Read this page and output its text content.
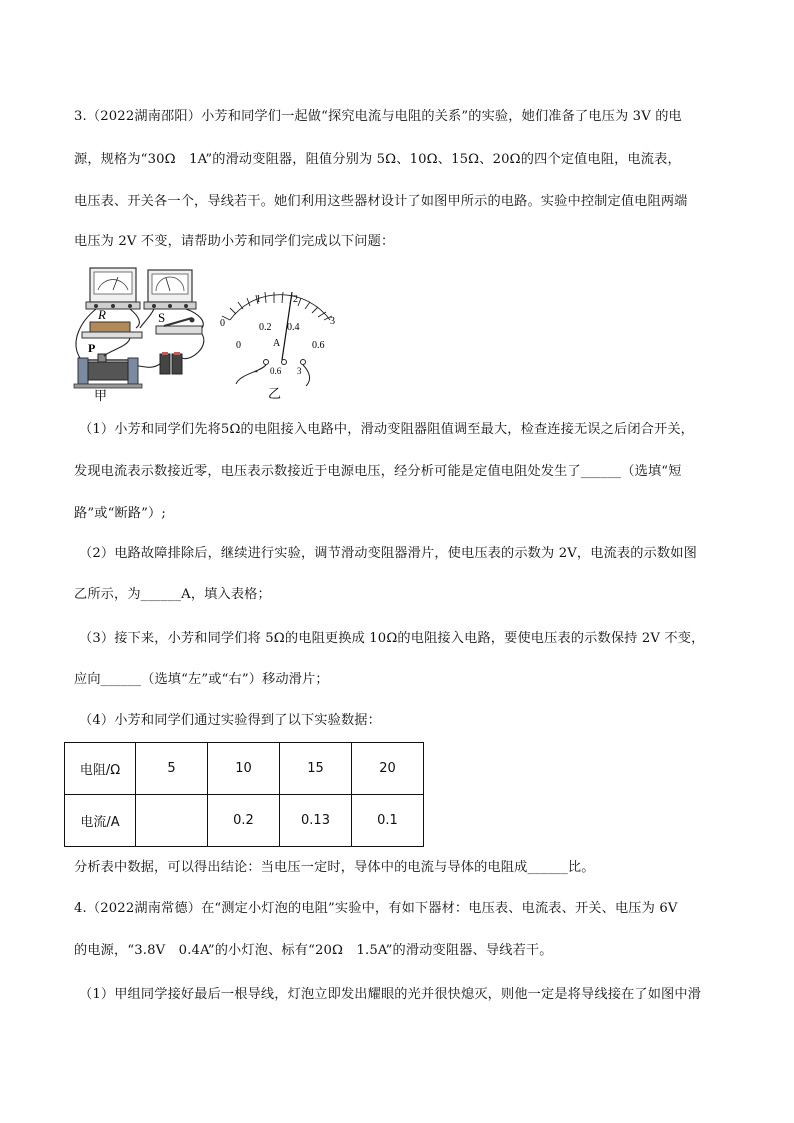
3.（2022湖南邵阳）小芳和同学们一起做“探究电流与电阻的关系”的实验，她们准备了电压为 3V 的电
源，规格为“30Ω　1A”的滑动变阻器，阻值分别为 5Ω、10Ω、15Ω、20Ω的四个定值电阻，电流表，
电压表、开关各一个，导线若干。她们利用这些器材设计了如图甲所示的电路。实验中控制定值电阻两端
电压为 2V 不变，请帮助小芳和同学们完成以下问题：
R	S
P
甲
0
1	2
3
0
0.2 0.4
0.6
A
- 0.6 3
乙
（1）小芳和同学们先将5Ω的电阻接入电路中，滑动变阻器阻值调至最大，检查连接无误之后闭合开关，
发现电流表示数接近零，电压表示数接近于电源电压，经分析可能是定值电阻处发生了______（选填“短
路”或“断路”）;
（2）电路故障排除后，继续进行实验，调节滑动变阻器滑片，使电压表的示数为 2V，电流表的示数如图
乙所示，为______A，填入表格；
（3）接下来，小芳和同学们将 5Ω的电阻更换成 10Ω的电阻接入电路，要使电压表的示数保持 2V 不变，
应向______（选填“左”或“右”）移动滑片；
（4）小芳和同学们通过实验得到了以下实验数据：
电阻/Ω	5	10	15	20
电流/A		0.2	0.13	0.1
分析表中数据，可以得出结论：当电压一定时，导体中的电流与导体的电阻成______比。
4.（2022湖南常德）在“测定小灯泡的电阻”实验中，有如下器材：电压表、电流表、开关、电压为 6V
的电源，“3.8V　0.4A”的小灯泡、标有“20Ω　1.5A”的滑动变阻器、导线若干。
（1）甲组同学接好最后一根导线，灯泡立即发出耀眼的光并很快熄灭，则他一定是将导线接在了如图中滑
